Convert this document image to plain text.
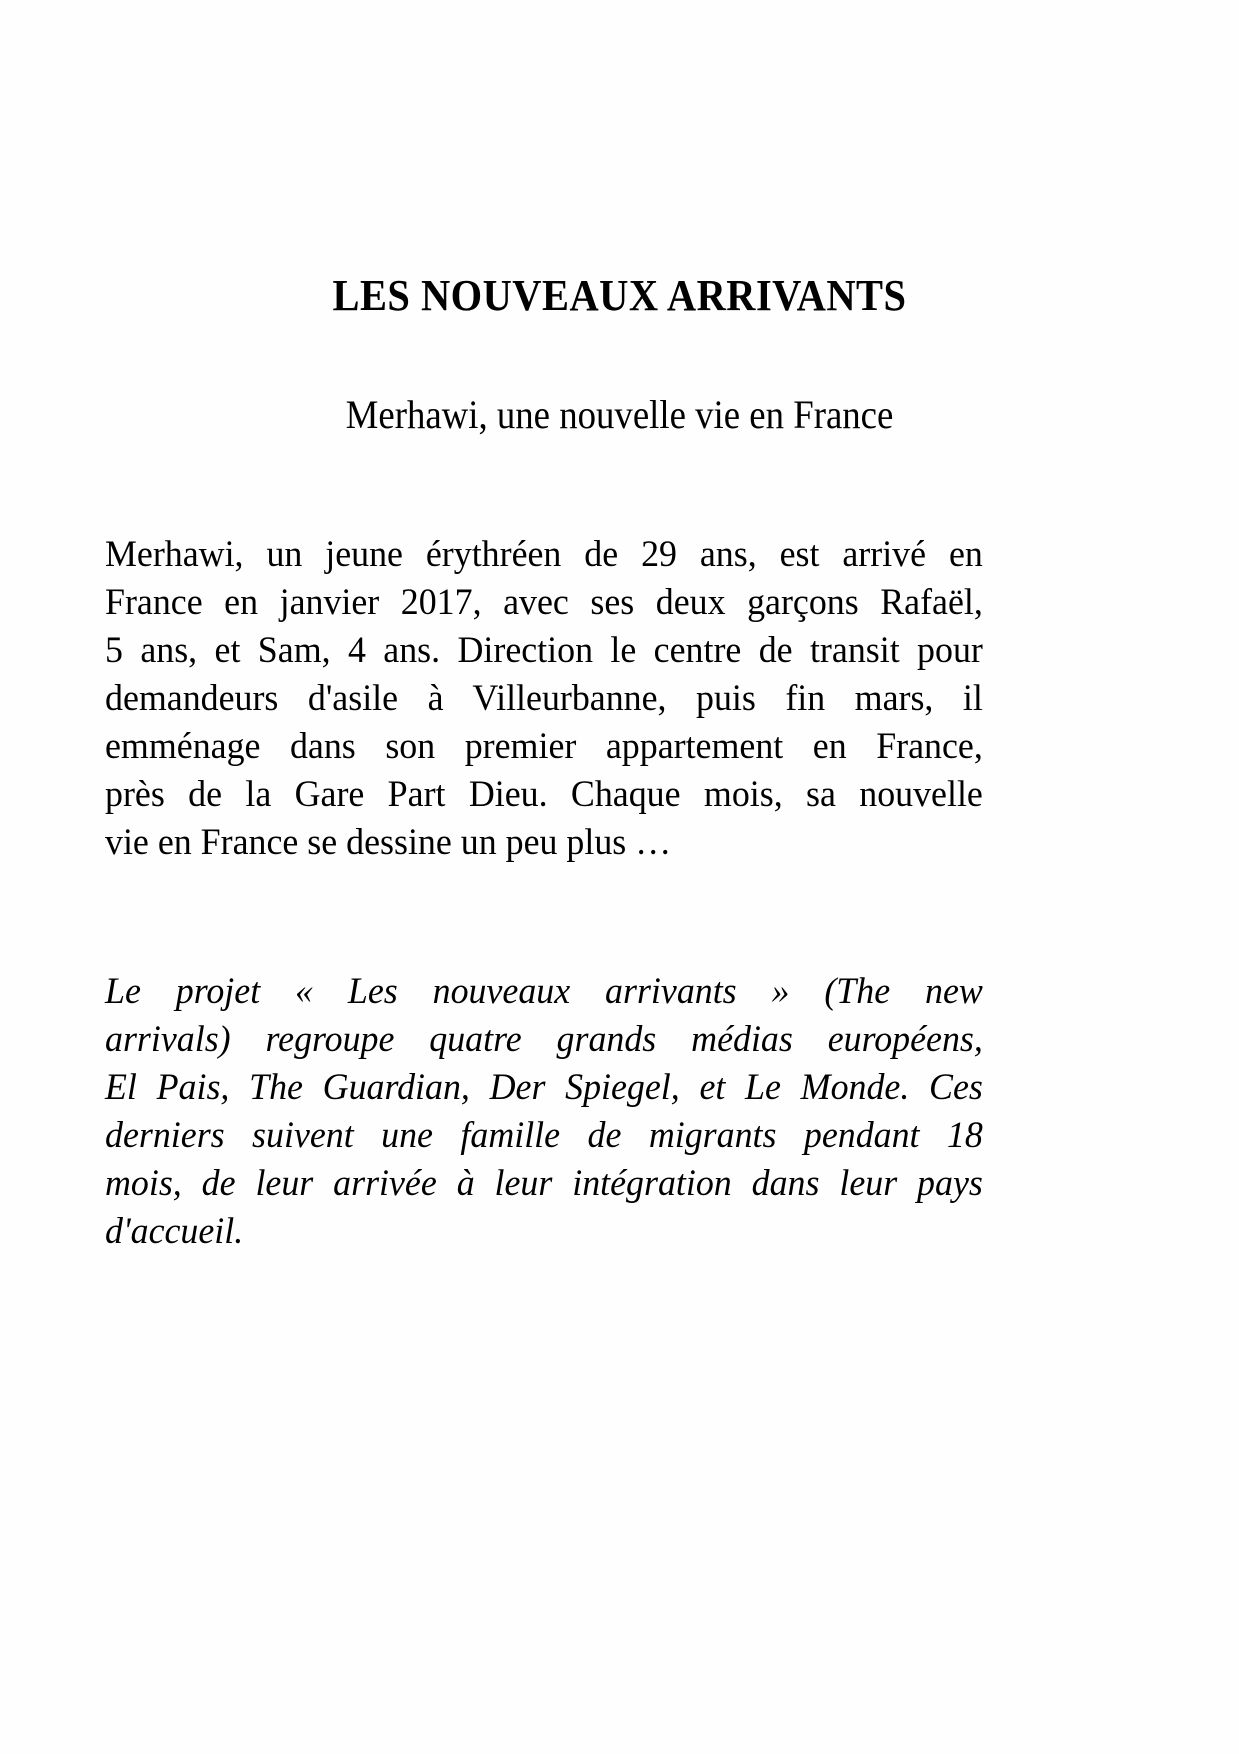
LES NOUVEAUX ARRIVANTS
Merhawi, une nouvelle vie en France

Merhawi, un jeune érythréen de 29 ans, est arrivé en
France en janvier 2017, avec ses deux garçons Rafaël,
5 ans, et Sam, 4 ans. Direction le centre de transit pour
demandeurs d'asile à Villeurbanne, puis fin mars, il
emménage dans son premier appartement en France,
près de la Gare Part Dieu. Chaque mois, sa nouvelle
vie en France se dessine un peu plus …

Le projet « Les nouveaux arrivants » (The new
arrivals) regroupe quatre grands médias européens,
El Pais, The Guardian, Der Spiegel, et Le Monde. Ces
derniers suivent une famille de migrants pendant 18
mois, de leur arrivée à leur intégration dans leur pays
d'accueil.
